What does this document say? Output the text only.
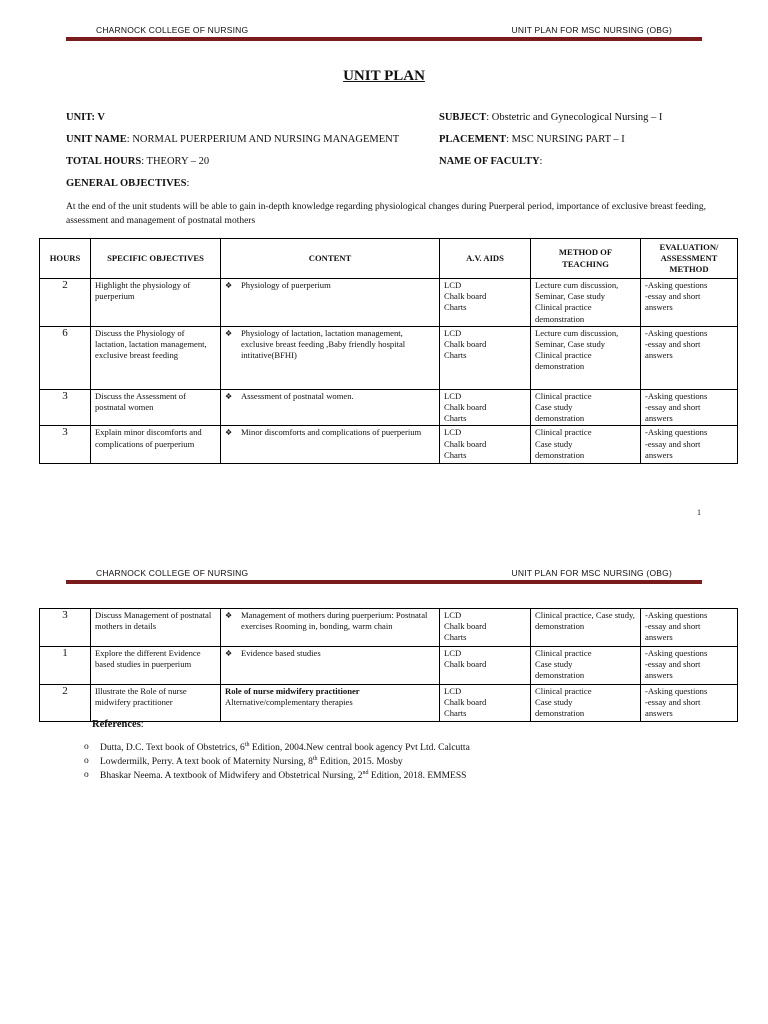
CHARNOCK COLLEGE OF NURSING	UNIT PLAN FOR MSC NURSING (OBG)
UNIT PLAN
UNIT: V	SUBJECT: Obstetric and Gynecological Nursing – I
UNIT NAME: NORMAL PUERPERIUM AND NURSING MANAGEMENT	PLACEMENT: MSC NURSING PART – I
TOTAL HOURS: THEORY – 20	NAME OF FACULTY:
GENERAL OBJECTIVES:
At the end of the unit students will be able to gain in-depth knowledge regarding physiological changes during Puerperal period, importance of exclusive breast feeding, assessment and management of postnatal mothers
HOURS	SPECIFIC OBJECTIVES	CONTENT	A.V. AIDS	METHOD OF TEACHING	EVALUATION/ ASSESSMENT METHOD
2	Highlight the physiology of puerperium	❖ Physiology of puerperium	LCD
Chalk board
Charts	Lecture cum discussion,
Seminar, Case study
Clinical practice
demonstration	-Asking questions
-essay and short
answers

6	Discuss the Physiology of lactation, lactation management, exclusive breast feeding	❖ Physiology of lactation, lactation management, exclusive breast feeding ,Baby friendly hospital intitative(BFHI)	LCD
Chalk board
Charts	Lecture cum discussion,
Seminar, Case study
Clinical practice
demonstration	-Asking questions
-essay and short
answers

3	Discuss the Assessment of postnatal women	❖ Assessment of postnatal women.	LCD
Chalk board
Charts	Clinical practice
Case study
demonstration	-Asking questions
-essay and short
answers

3	Explain minor discomforts and complications of puerperium	❖ Minor discomforts and complications of puerperium	LCD
Chalk board
Charts	Clinical practice
Case study
demonstration	-Asking questions
-essay and short
answers
1
CHARNOCK COLLEGE OF NURSING	UNIT PLAN FOR MSC NURSING (OBG)
3	Discuss Management of postnatal mothers in details	❖ Management of mothers during puerperium: Postnatal exercises Rooming in, bonding, warm chain	LCD
Chalk board
Charts	Clinical practice, Case study, demonstration	-Asking questions
-essay and short
answers

1	Explore the different Evidence based studies in puerperium	❖ Evidence based studies	LCD
Chalk board	Clinical practice
Case study
demonstration	-Asking questions
-essay and short
answers

2	Illustrate the Role of nurse midwifery practitioner	Role of nurse midwifery practitioner
Alternative/complementary therapies	LCD
Chalk board
Charts	Clinical practice
Case study
demonstration	-Asking questions
-essay and short
answers
References:
o	Dutta, D.C. Text book of Obstetrics, 6th Edition, 2004.New central book agency Pvt Ltd. Calcutta
o	Lowdermilk, Perry. A text book of Maternity Nursing, 8th Edition, 2015. Mosby
o	Bhaskar Neema. A textbook of Midwifery and Obstetrical Nursing, 2nd Edition, 2018. EMMESS
